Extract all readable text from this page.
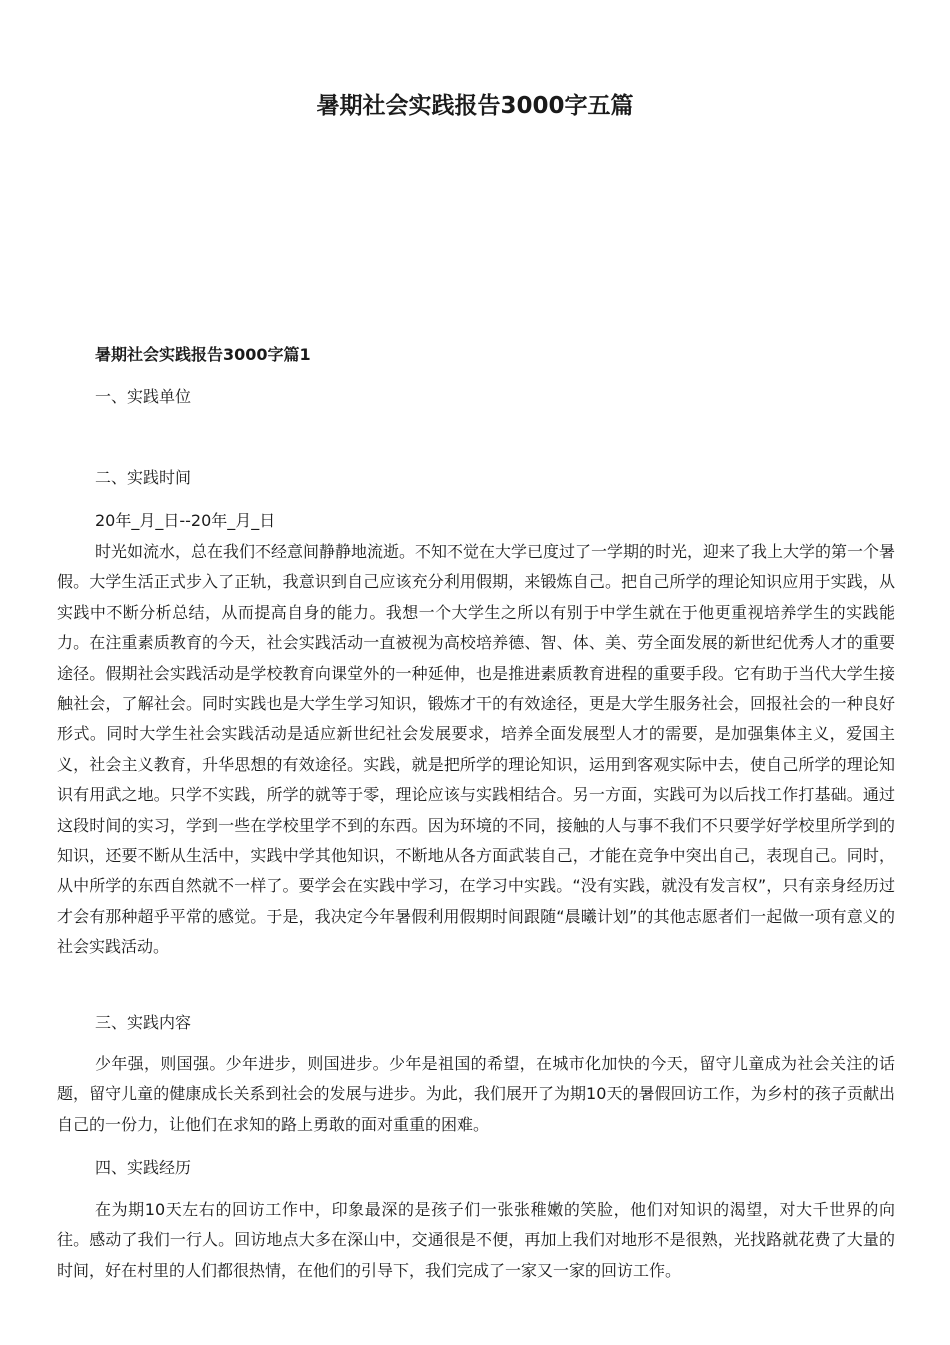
暑期社会实践报告3000字五篇
暑期社会实践报告3000字篇1

一、实践单位

二、实践时间

20年_月_日--20年_月_日

时光如流水，总在我们不经意间静静地流逝。不知不觉在大学已度过了一学期的时光，迎来了我上大学的第一个暑假。大学生活正式步入了正轨，我意识到自己应该充分利用假期，来锻炼自己。把自己所学的理论知识应用于实践，从实践中不断分析总结，从而提高自身的能力。我想一个大学生之所以有别于中学生就在于他更重视培养学生的实践能力。在注重素质教育的今天，社会实践活动一直被视为高校培养德、智、体、美、劳全面发展的新世纪优秀人才的重要途径。假期社会实践活动是学校教育向课堂外的一种延伸，也是推进素质教育进程的重要手段。它有助于当代大学生接触社会，了解社会。同时实践也是大学生学习知识，锻炼才干的有效途径，更是大学生服务社会，回报社会的一种良好形式。同时大学生社会实践活动是适应新世纪社会发展要求，培养全面发展型人才的需要，是加强集体主义，爱国主义，社会主义教育，升华思想的有效途径。实践，就是把所学的理论知识，运用到客观实际中去，使自己所学的理论知识有用武之地。只学不实践，所学的就等于零，理论应该与实践相结合。另一方面，实践可为以后找工作打基础。通过这段时间的实习，学到一些在学校里学不到的东西。因为环境的不同，接触的人与事不我们不只要学好学校里所学到的知识，还要不断从生活中，实践中学其他知识，不断地从各方面武装自己，才能在竞争中突出自己，表现自己。同时，从中所学的东西自然就不一样了。要学会在实践中学习，在学习中实践。“没有实践，就没有发言权”，只有亲身经历过才会有那种超乎平常的感觉。于是，我决定今年暑假利用假期时间跟随“晨曦计划”的其他志愿者们一起做一项有意义的社会实践活动。

三、实践内容

少年强，则国强。少年进步，则国进步。少年是祖国的希望，在城市化加快的今天，留守儿童成为社会关注的话题，留守儿童的健康成长关系到社会的发展与进步。为此，我们展开了为期10天的暑假回访工作，为乡村的孩子贡献出自己的一份力，让他们在求知的路上勇敢的面对重重的困难。

四、实践经历

在为期10天左右的回访工作中，印象最深的是孩子们一张张稚嫩的笑脸，他们对知识的渴望，对大千世界的向往。感动了我们一行人。回访地点大多在深山中，交通很是不便，再加上我们对地形不是很熟，光找路就花费了大量的时间，好在村里的人们都很热情，在他们的引导下，我们完成了一家又一家的回访工作。
